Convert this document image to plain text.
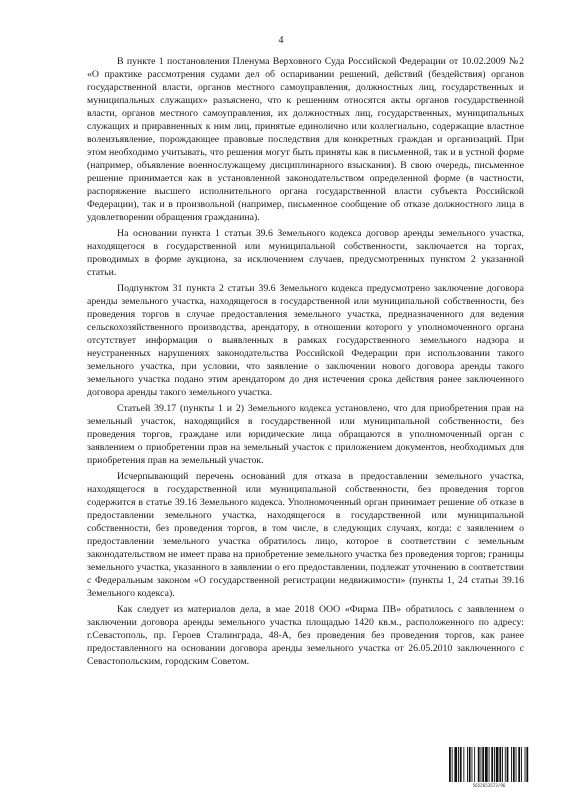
4

В пункте 1 постановления Пленума Верховного Суда Российской Федерации от 10.02.2009 №2 «О практике рассмотрения судами дел об оспаривании решений, действий (бездействия) органов государственной власти, органов местного самоуправления, должностных лиц, государственных и муниципальных служащих» разъяснено, что к решениям относятся акты органов государственной власти, органов местного самоуправления, их должностных лиц, государственных, муниципальных служащих и приравненных к ним лиц, принятые единолично или коллегиально, содержащие властное волеизъявление, порождающее правовые последствия для конкретных граждан и организаций. При этом необходимо учитывать, что решения могут быть приняты как в письменной, так и в устной форме (например, объявление военнослужащему дисциплинарного взыскания). В свою очередь, письменное решение принимается как в установленной законодательством определенной форме (в частности, распоряжение высшего исполнительного органа государственной власти субъекта Российской Федерации), так и в произвольной (например, письменное сообщение об отказе должностного лица в удовлетворении обращения гражданина).

На основании пункта 1 статьи 39.6 Земельного кодекса договор аренды земельного участка, находящегося в государственной или муниципальной собственности, заключается на торгах, проводимых в форме аукциона, за исключением случаев, предусмотренных пунктом 2 указанной статьи.

Подпунктом 31 пункта 2 статьи 39.6 Земельного кодекса предусмотрено заключение договора аренды земельного участка, находящегося в государственной или муниципальной собственности, без проведения торгов в случае предоставления земельного участка, предназначенного для ведения сельскохозяйственного производства, арендатору, в отношении которого у уполномоченного органа отсутствует информация о выявленных в рамках государственного земельного надзора и неустраненных нарушениях законодательства Российской Федерации при использовании такого земельного участка, при условии, что заявление о заключении нового договора аренды такого земельного участка подано этим арендатором до дня истечения срока действия ранее заключенного договора аренды такого земельного участка.

Статьей 39.17 (пункты 1 и 2) Земельного кодекса установлено, что для приобретения прав на земельный участок, находящийся в государственной или муниципальной собственности, без проведения торгов, граждане или юридические лица обращаются в уполномоченный орган с заявлением о приобретении прав на земельный участок с приложением документов, необходимых для приобретения прав на земельный участок.

Исчерпывающий перечень оснований для отказа в предоставлении земельного участка, находящегося в государственной или муниципальной собственности, без проведения торгов содержится в статье 39.16 Земельного кодекса. Уполномоченный орган принимает решение об отказе в предоставлении земельного участка, находящегося в государственной или муниципальной собственности, без проведения торгов, в том числе, в следующих случаях, когда: с заявлением о предоставлении земельного участка обратилось лицо, которое в соответствии с земельным законодательством не имеет права на приобретение земельного участка без проведения торгов; границы земельного участка, указанного в заявлении о его предоставлении, подлежат уточнению в соответствии с Федеральным законом «О государственной регистрации недвижимости» (пункты 1, 24 статьи 39.16 Земельного кодекса).

Как следует из материалов дела, в мае 2018 ООО «Фирма ПВ» обратилось с заявлением о заключении договора аренды земельного участка площадью 1420 кв.м., расположенного по адресу: г.Севастополь, пр. Героев Сталинграда, 48-А, без проведения без проведения торгов, как ранее предоставленного на основании договора аренды земельного участка от 26.05.2010 заключенного с Севастопольским, городским Советом.

5652653573/96
